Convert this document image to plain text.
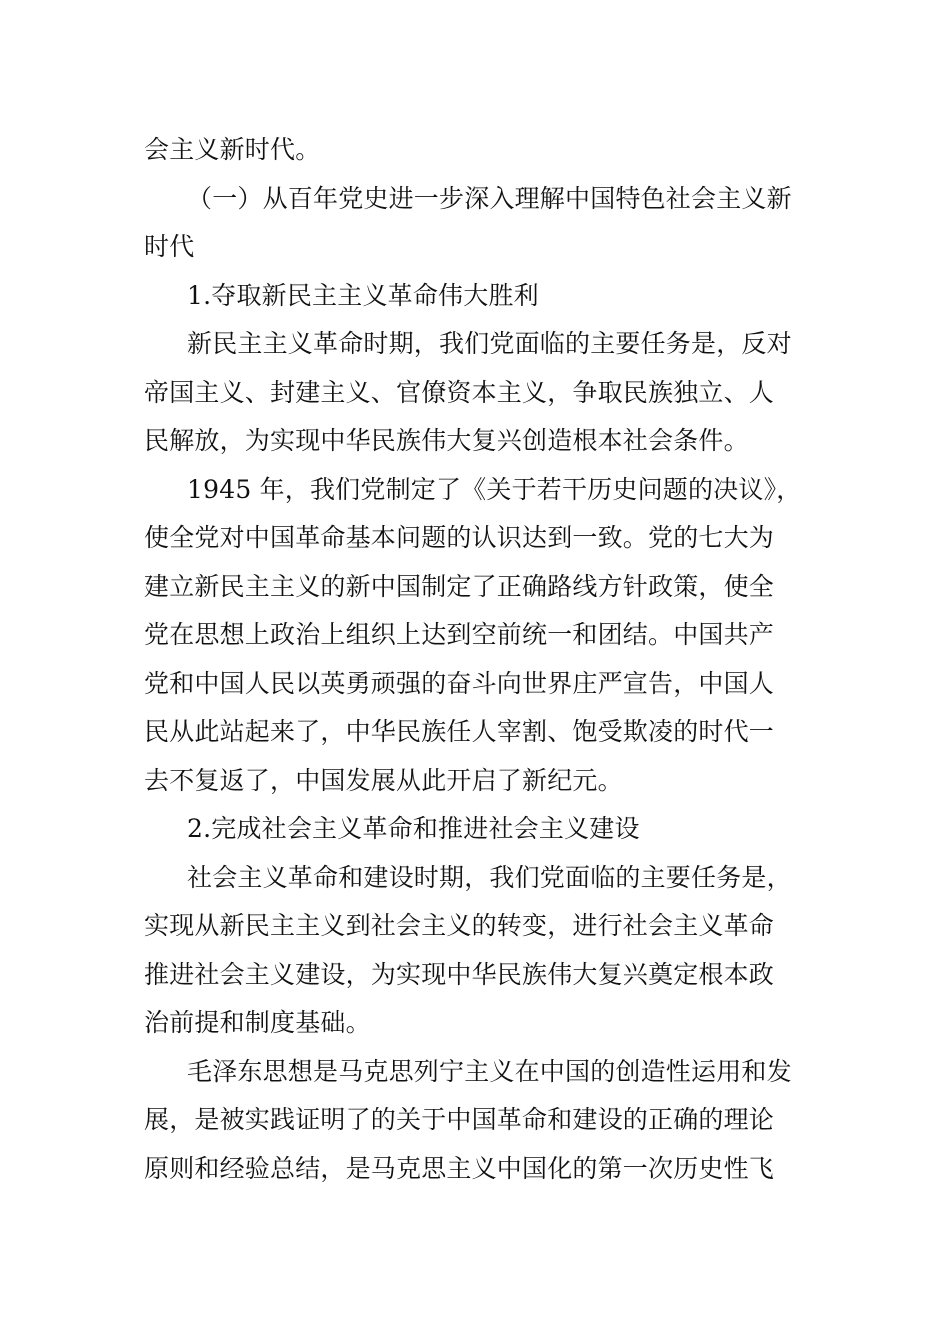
会主义新时代。
（一）从百年党史进一步深入理解中国特色社会主义新
时代
1.夺取新民主主义革命伟大胜利
新民主主义革命时期，我们党面临的主要任务是，反对
帝国主义、封建主义、官僚资本主义，争取民族独立、人
民解放，为实现中华民族伟大复兴创造根本社会条件。
1945 年，我们党制定了《关于若干历史问题的决议》，
使全党对中国革命基本问题的认识达到一致。党的七大为
建立新民主主义的新中国制定了正确路线方针政策，使全
党在思想上政治上组织上达到空前统一和团结。中国共产
党和中国人民以英勇顽强的奋斗向世界庄严宣告，中国人
民从此站起来了，中华民族任人宰割、饱受欺凌的时代一
去不复返了，中国发展从此开启了新纪元。
2.完成社会主义革命和推进社会主义建设
社会主义革命和建设时期，我们党面临的主要任务是，
实现从新民主主义到社会主义的转变，进行社会主义革命
推进社会主义建设，为实现中华民族伟大复兴奠定根本政
治前提和制度基础。
毛泽东思想是马克思列宁主义在中国的创造性运用和发
展，是被实践证明了的关于中国革命和建设的正确的理论
原则和经验总结，是马克思主义中国化的第一次历史性飞
